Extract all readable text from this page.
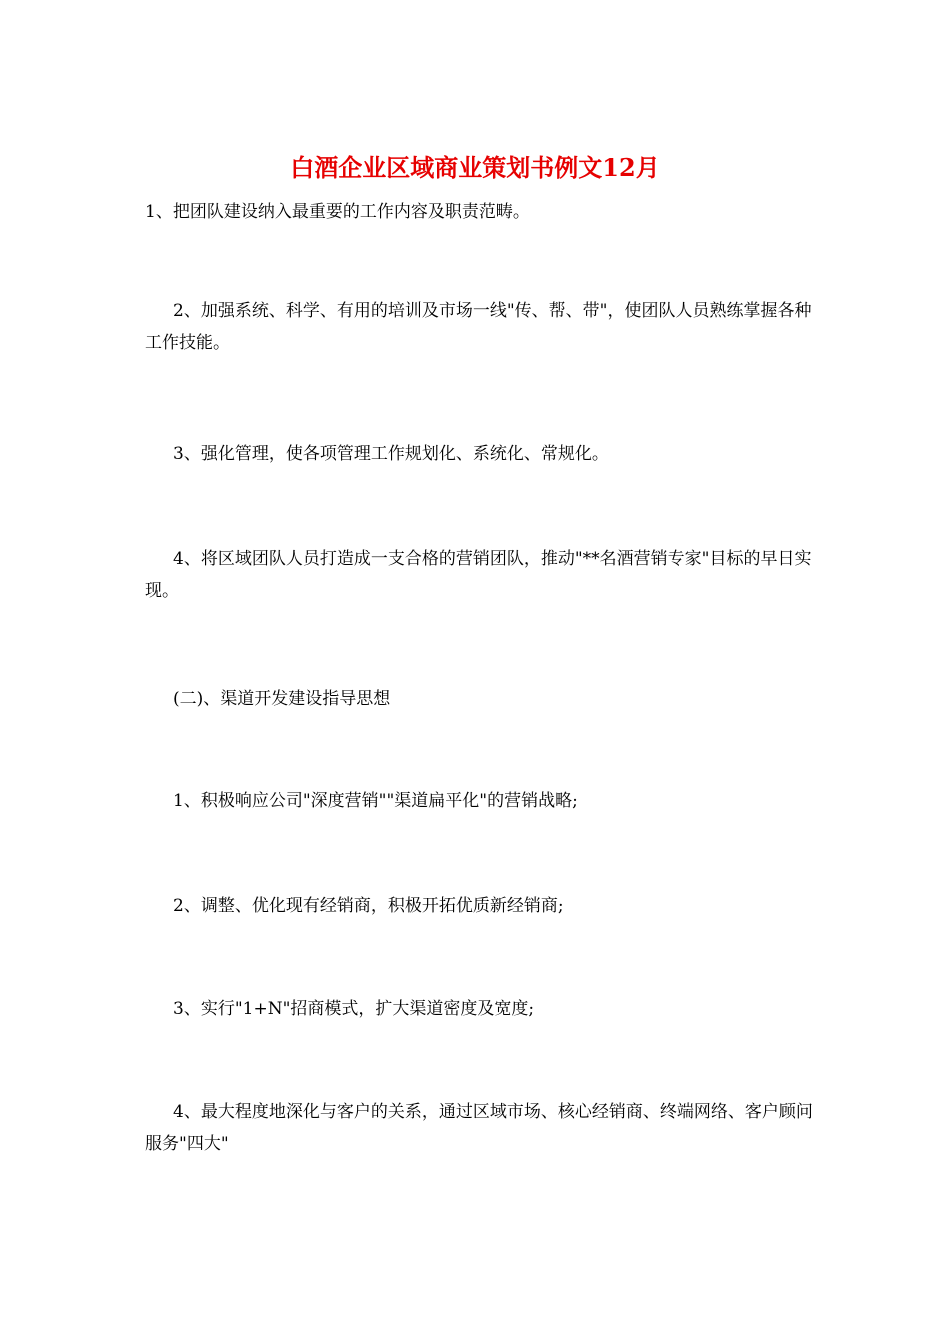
白酒企业区域商业策划书例文12月

1、把团队建设纳入最重要的工作内容及职责范畴。

2、加强系统、科学、有用的培训及市场一线"传、帮、带"，使团队人员熟练掌握各种工作技能。

3、强化管理，使各项管理工作规划化、系统化、常规化。

4、将区域团队人员打造成一支合格的营销团队，推动"**名酒营销专家"目标的早日实现。

(二)、渠道开发建设指导思想

1、积极响应公司"深度营销""渠道扁平化"的营销战略;

2、调整、优化现有经销商，积极开拓优质新经销商;

3、实行"1+N"招商模式，扩大渠道密度及宽度;

4、最大程度地深化与客户的关系，通过区域市场、核心经销商、终端网络、客户顾问服务"四大"
